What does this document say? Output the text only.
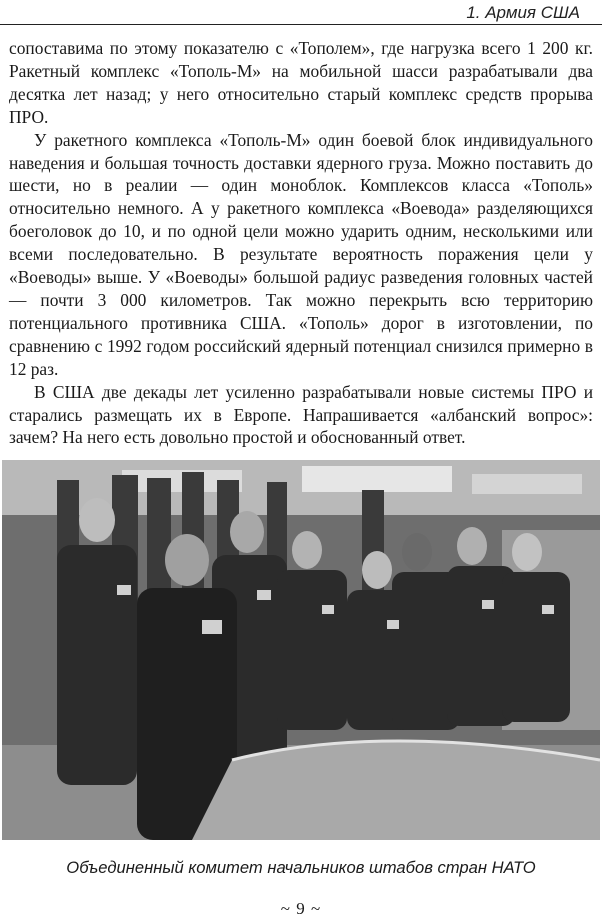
1. Армия США

сопоставима по этому показателю с «Тополем», где нагрузка всего 1 200 кг. Ракетный комплекс «Тополь-М» на мобильной шасси разрабатывали два десятка лет назад; у него относительно старый комплекс средств прорыва ПРО.

У ракетного комплекса «Тополь-М» один боевой блок индивидуального наведения и большая точность доставки ядерного груза. Можно поставить до шести, но в реалии — один моноблок. Комплексов класса «Тополь» относительно немного. А у ракетного комплекса «Воевода» разделяющихся боеголовок до 10, и по одной цели можно ударить одним, несколькими или всеми последовательно. В результате вероятность поражения цели у «Воеводы» выше. У «Воеводы» большой радиус разведения головных частей — почти 3 000 километров. Так можно перекрыть всю территорию потенциального противника США. «Тополь» дорог в изготовлении, по сравнению с 1992 годом российский ядерный потенциал снизился примерно в 12 раз.

В США две декады лет усиленно разрабатывали новые системы ПРО и старались размещать их в Европе. Напрашивается «албанский вопрос»: зачем? На него есть довольно простой и обоснованный ответ.

Объединенный комитет начальников штабов стран НАТО
~ 9 ~
